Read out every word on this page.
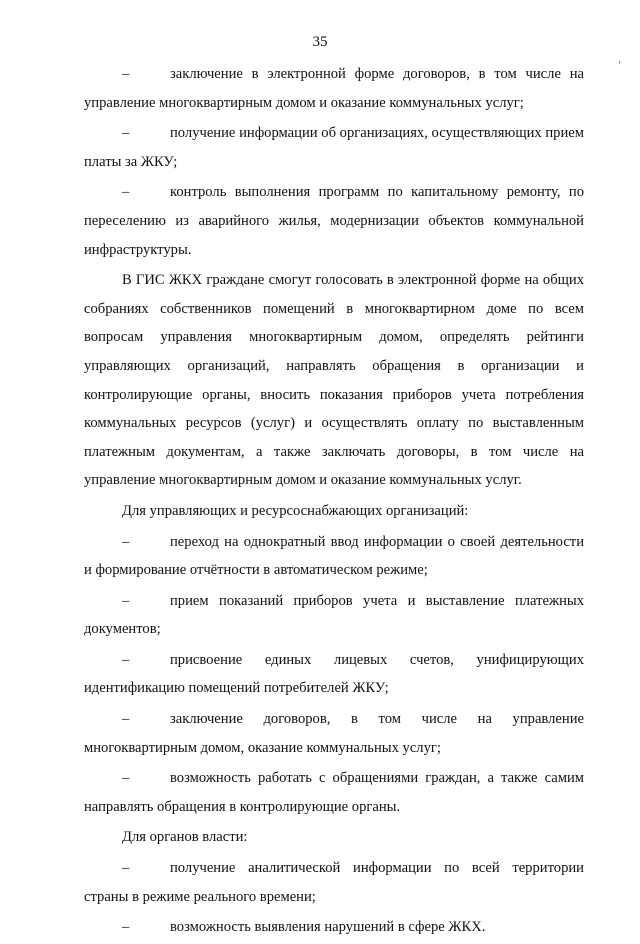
35
‘

–	заключение в электронной форме договоров, в том числе на управление многоквартирным домом и оказание коммунальных услуг;

–	получение информации об организациях, осуществляющих прием платы за ЖКУ;

–	контроль выполнения программ по капитальному ремонту, по переселению из аварийного жилья, модернизации объектов коммунальной инфраструктуры.

В ГИС ЖКХ граждане смогут голосовать в электронной форме на общих собраниях собственников помещений в многоквартирном доме по всем вопросам управления многоквартирным домом, определять рейтинги управляющих организаций, направлять обращения в организации и контролирующие органы, вносить показания приборов учета потребления коммунальных ресурсов (услуг) и осуществлять оплату по выставленным платежным документам, а также заключать договоры, в том числе на управление многоквартирным домом и оказание коммунальных услуг.

Для управляющих и ресурсоснабжающих организаций:

–	переход на однократный ввод информации о своей деятельности и формирование отчётности в автоматическом режиме;

–	прием показаний приборов учета и выставление платежных документов;

–	присвоение единых лицевых счетов, унифицирующих идентификацию помещений потребителей ЖКУ;

–	заключение договоров, в том числе на управление многоквартирным домом, оказание коммунальных услуг;

–	возможность работать с обращениями граждан, а также самим направлять обращения в контролирующие органы.

Для органов власти:

–	получение аналитической информации по всей территории страны в режиме реального времени;

–	возможность выявления нарушений в сфере ЖКХ.
